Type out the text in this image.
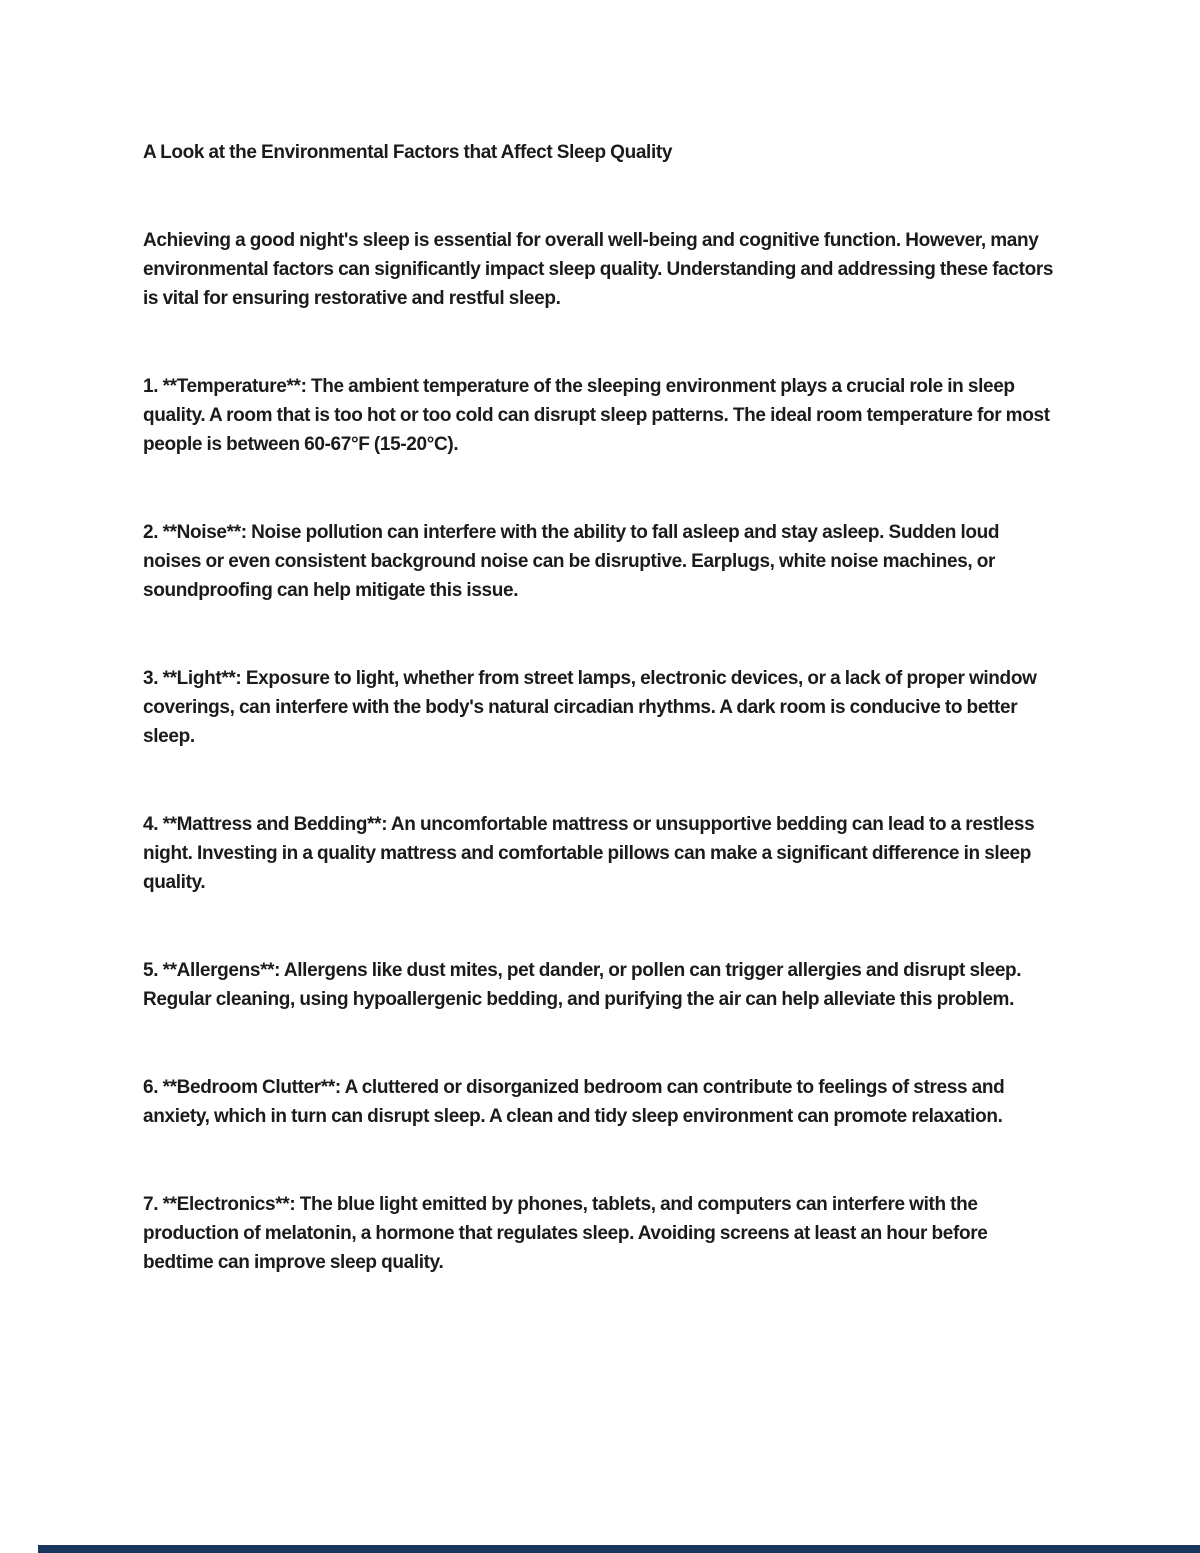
A Look at the Environmental Factors that Affect Sleep Quality

Achieving a good night's sleep is essential for overall well-being and cognitive function. However, many environmental factors can significantly impact sleep quality. Understanding and addressing these factors is vital for ensuring restorative and restful sleep.

1. **Temperature**: The ambient temperature of the sleeping environment plays a crucial role in sleep quality. A room that is too hot or too cold can disrupt sleep patterns. The ideal room temperature for most people is between 60-67°F (15-20°C).

2. **Noise**: Noise pollution can interfere with the ability to fall asleep and stay asleep. Sudden loud noises or even consistent background noise can be disruptive. Earplugs, white noise machines, or soundproofing can help mitigate this issue.

3. **Light**: Exposure to light, whether from street lamps, electronic devices, or a lack of proper window coverings, can interfere with the body's natural circadian rhythms. A dark room is conducive to better sleep.

4. **Mattress and Bedding**: An uncomfortable mattress or unsupportive bedding can lead to a restless night. Investing in a quality mattress and comfortable pillows can make a significant difference in sleep quality.

5. **Allergens**: Allergens like dust mites, pet dander, or pollen can trigger allergies and disrupt sleep. Regular cleaning, using hypoallergenic bedding, and purifying the air can help alleviate this problem.

6. **Bedroom Clutter**: A cluttered or disorganized bedroom can contribute to feelings of stress and anxiety, which in turn can disrupt sleep. A clean and tidy sleep environment can promote relaxation.

7. **Electronics**: The blue light emitted by phones, tablets, and computers can interfere with the production of melatonin, a hormone that regulates sleep. Avoiding screens at least an hour before bedtime can improve sleep quality.
